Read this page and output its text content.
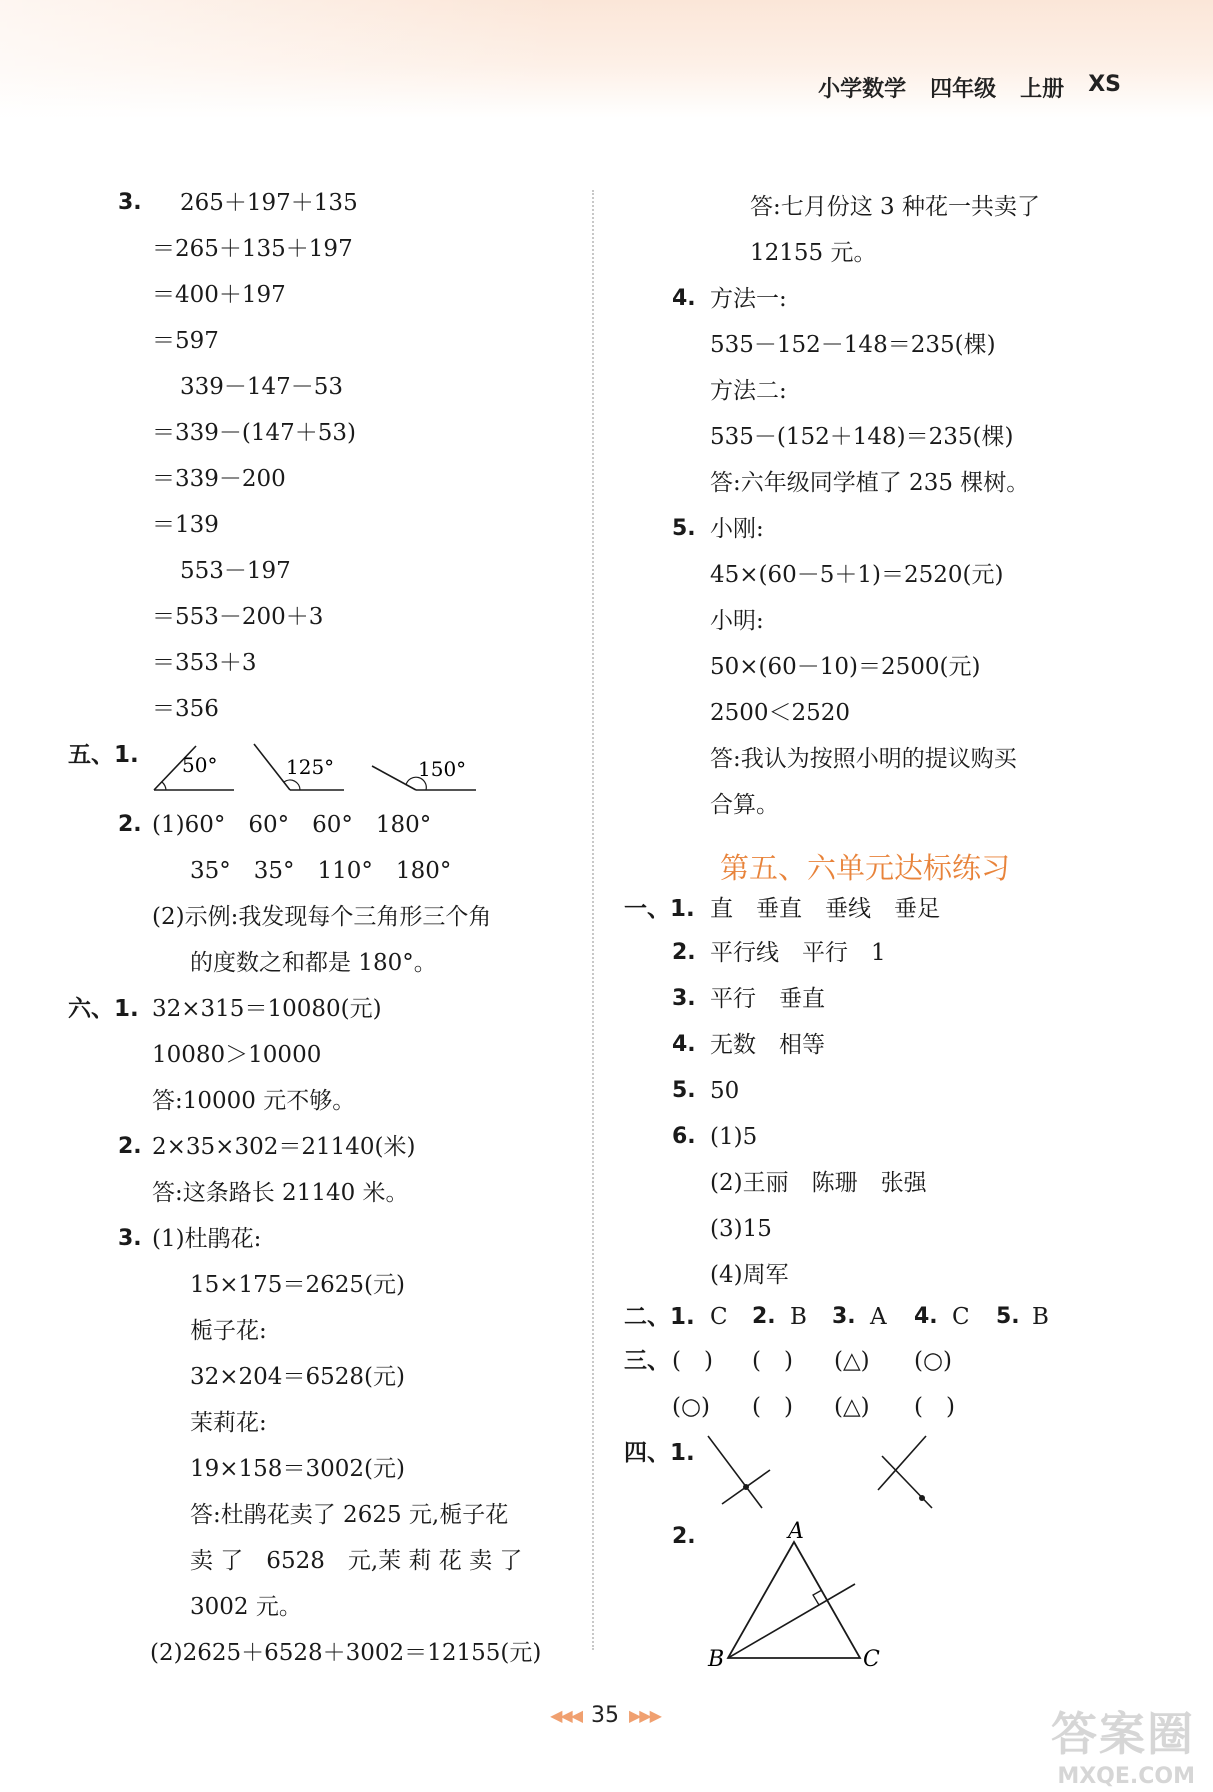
小学数学 四年级 上册 XS
3. 265＋197＋135
＝265＋135＋197
＝400＋197
＝597
339－147－53
＝339－(147＋53)
＝339－200
＝139
553－197
＝553－200＋3
＝353＋3
＝356
五、1. 50°	125°	150°
2. (1)60°　60°　60°　180°
35°　35°　110°　180°
(2)示例:我发现每个三角形三个角
的度数之和都是 180°。
六、1. 32×315＝10080(元)
10080＞10000
答:10000 元不够。
2. 2×35×302＝21140(米)
答:这条路长 21140 米。
3. (1)杜鹃花:
15×175＝2625(元)
栀子花:
32×204＝6528(元)
茉莉花:
19×158＝3002(元)
答:杜鹃花卖了 2625 元,栀子花
卖 了　6528　元,茉 莉 花 卖 了
3002 元。
(2)2625＋6528＋3002＝12155(元)
答:七月份这 3 种花一共卖了
12155 元。
4. 方法一:
535－152－148＝235(棵)
方法二:
535－(152＋148)＝235(棵)
答:六年级同学植了 235 棵树。
5. 小刚:
45×(60－5＋1)＝2520(元)
小明:
50×(60－10)＝2500(元)
2500＜2520
答:我认为按照小明的提议购买
合算。
第五、六单元达标练习
一、1. 直　垂直　垂线　垂足
2. 平行线　平行　1
3. 平行　垂直
4. 无数　相等
5. 50
6. (1)5
(2)王丽　陈珊　张强
(3)15
(4)周军
二、1. C 2. B 3. A 4. C 5. B
三、 (　) (　) (△) (○)
(○) (　) (△) (　)
四、1.
2.	A
B	C
◀◀◀ 35 ▶▶▶	答案圈
MXQE.COM
